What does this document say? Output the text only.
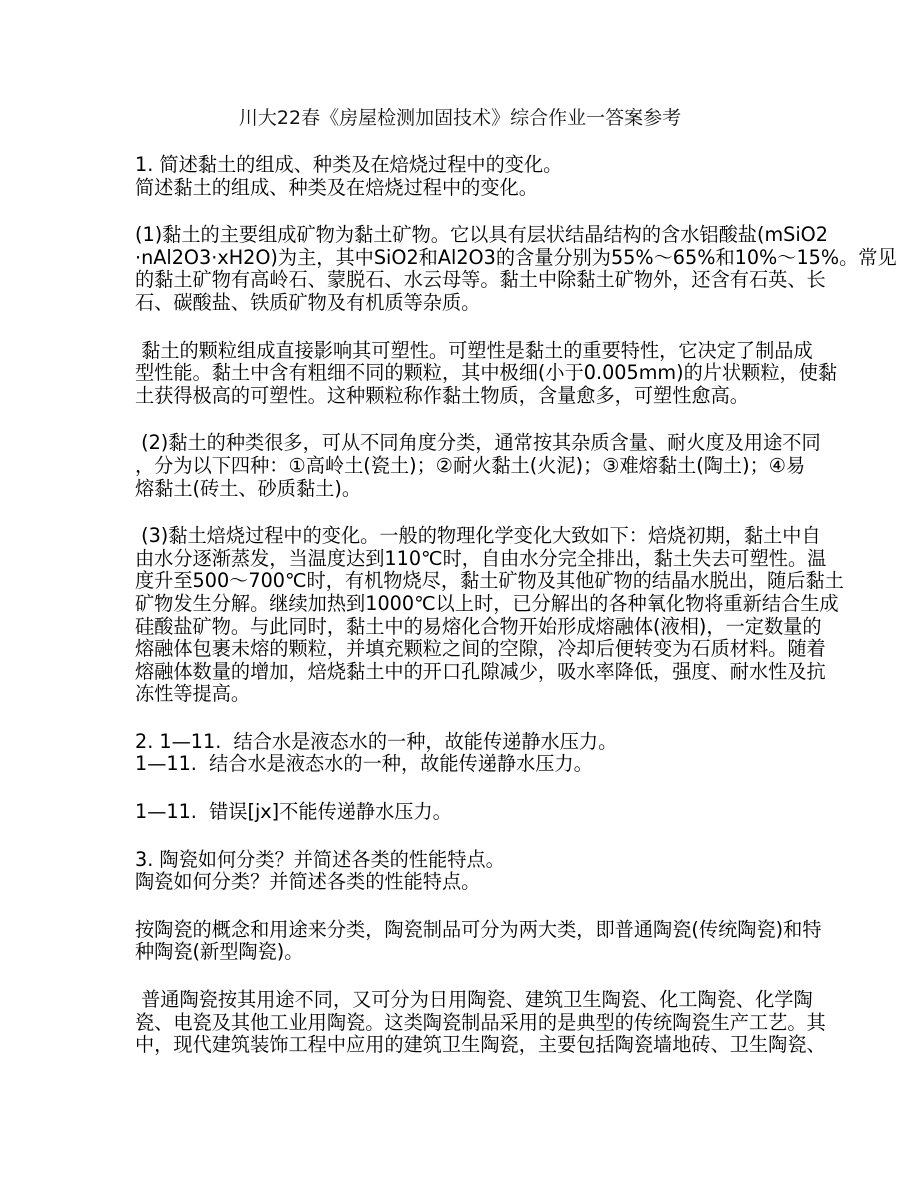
川大22春《房屋检测加固技术》综合作业一答案参考
1. 简述黏土的组成、种类及在焙烧过程中的变化。
简述黏土的组成、种类及在焙烧过程中的变化。
(1)黏土的主要组成矿物为黏土矿物。它以具有层状结晶结构的含水铝酸盐(mSiO2
·nAl2O3·xH2O)为主，其中SiO2和Al2O3的含量分别为55%～65%和10%～15%。常见
的黏土矿物有高岭石、蒙脱石、水云母等。黏土中除黏土矿物外，还含有石英、长
石、碳酸盐、铁质矿物及有机质等杂质。
黏土的颗粒组成直接影响其可塑性。可塑性是黏土的重要特性，它决定了制品成
型性能。黏土中含有粗细不同的颗粒，其中极细(小于0.005mm)的片状颗粒，使黏
土获得极高的可塑性。这种颗粒称作黏土物质，含量愈多，可塑性愈高。
(2)黏土的种类很多，可从不同角度分类，通常按其杂质含量、耐火度及用途不同
，分为以下四种：①高岭土(瓷土)；②耐火黏土(火泥)；③难熔黏土(陶土)；④易
熔黏土(砖土、砂质黏土)。
(3)黏土焙烧过程中的变化。一般的物理化学变化大致如下：焙烧初期，黏土中自
由水分逐渐蒸发，当温度达到110℃时，自由水分完全排出，黏土失去可塑性。温
度升至500～700℃时，有机物烧尽，黏土矿物及其他矿物的结晶水脱出，随后黏土
矿物发生分解。继续加热到1000℃以上时，已分解出的各种氧化物将重新结合生成
硅酸盐矿物。与此同时，黏土中的易熔化合物开始形成熔融体(液相)，一定数量的
熔融体包裹未熔的颗粒，并填充颗粒之间的空隙，冷却后便转变为石质材料。随着
熔融体数量的增加，焙烧黏土中的开口孔隙减少，吸水率降低，强度、耐水性及抗
冻性等提高。
2. 1—11.  结合水是液态水的一种，故能传递静水压力。
1—11.  结合水是液态水的一种，故能传递静水压力。
1—11.  错误[jx]不能传递静水压力。
3. 陶瓷如何分类？并简述各类的性能特点。
陶瓷如何分类？并简述各类的性能特点。
按陶瓷的概念和用途来分类，陶瓷制品可分为两大类，即普通陶瓷(传统陶瓷)和特
种陶瓷(新型陶瓷)。
普通陶瓷按其用途不同，又可分为日用陶瓷、建筑卫生陶瓷、化工陶瓷、化学陶
瓷、电瓷及其他工业用陶瓷。这类陶瓷制品采用的是典型的传统陶瓷生产工艺。其
中，现代建筑装饰工程中应用的建筑卫生陶瓷，主要包括陶瓷墙地砖、卫生陶瓷、
